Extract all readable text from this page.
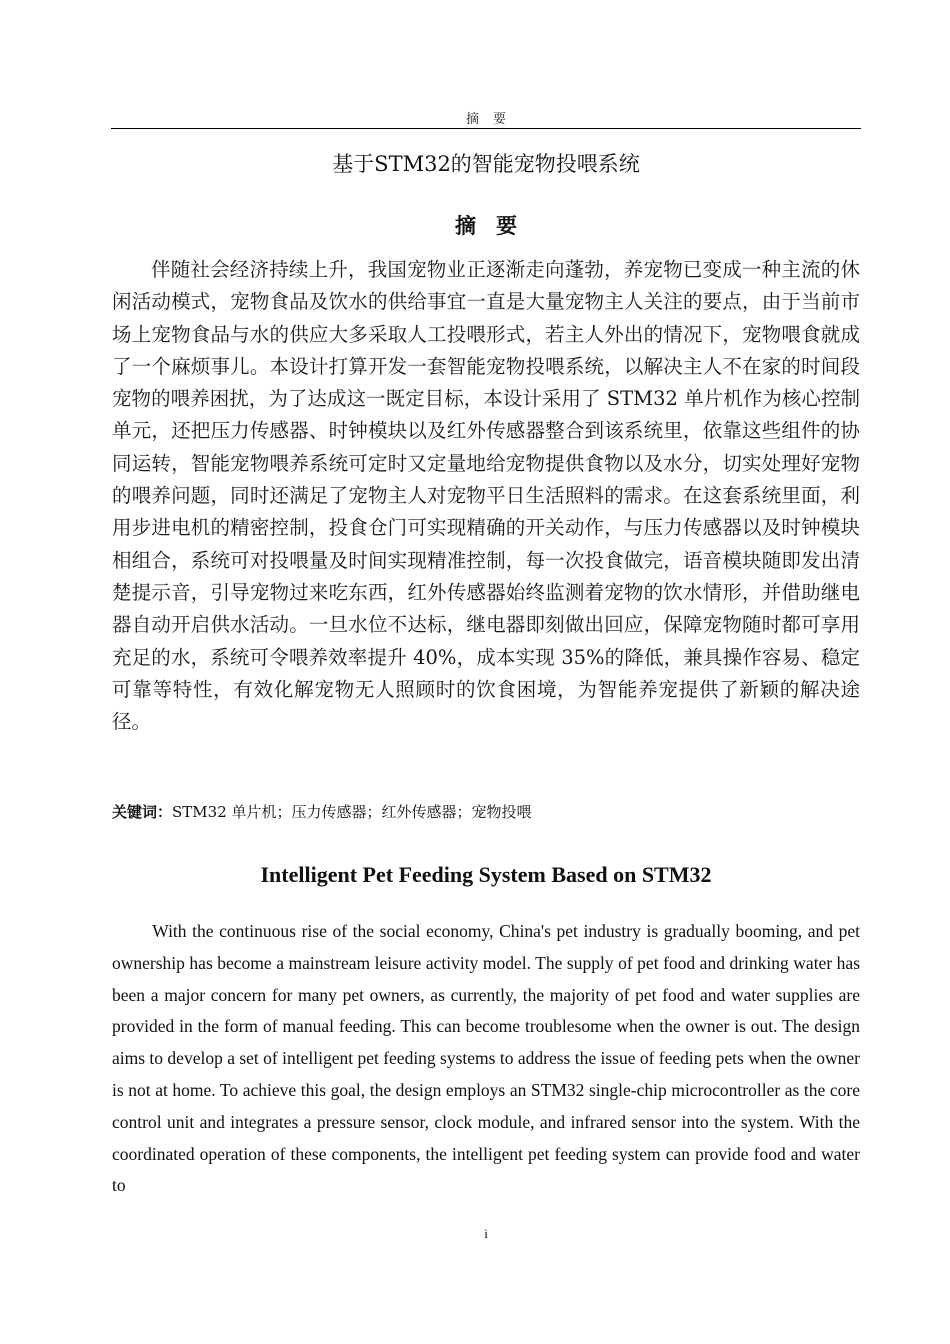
摘要
基于STM32的智能宠物投喂系统
摘要

伴随社会经济持续上升，我国宠物业正逐渐走向蓬勃，养宠物已变成一种主流的休闲活动模式，宠物食品及饮水的供给事宜一直是大量宠物主人关注的要点，由于当前市场上宠物食品与水的供应大多采取人工投喂形式，若主人外出的情况下，宠物喂食就成了一个麻烦事儿。本设计打算开发一套智能宠物投喂系统，以解决主人不在家的时间段宠物的喂养困扰，为了达成这一既定目标，本设计采用了 STM32 单片机作为核心控制单元，还把压力传感器、时钟模块以及红外传感器整合到该系统里，依靠这些组件的协同运转，智能宠物喂养系统可定时又定量地给宠物提供食物以及水分，切实处理好宠物的喂养问题，同时还满足了宠物主人对宠物平日生活照料的需求。在这套系统里面，利用步进电机的精密控制，投食仓门可实现精确的开关动作，与压力传感器以及时钟模块相组合，系统可对投喂量及时间实现精准控制，每一次投食做完，语音模块随即发出清楚提示音，引导宠物过来吃东西，红外传感器始终监测着宠物的饮水情形，并借助继电器自动开启供水活动。一旦水位不达标，继电器即刻做出回应，保障宠物随时都可享用充足的水，系统可令喂养效率提升 40%，成本实现 35%的降低，兼具操作容易、稳定可靠等特性，有效化解宠物无人照顾时的饮食困境，为智能养宠提供了新颖的解决途径。

关键词：STM32 单片机；压力传感器；红外传感器；宠物投喂
Intelligent Pet Feeding System Based on STM32

With the continuous rise of the social economy, China's pet industry is gradually booming, and pet ownership has become a mainstream leisure activity model. The supply of pet food and drinking water has been a major concern for many pet owners, as currently, the majority of pet food and water supplies are provided in the form of manual feeding. This can become troublesome when the owner is out. The design aims to develop a set of intelligent pet feeding systems to address the issue of feeding pets when the owner is not at home. To achieve this goal, the design employs an STM32 single-chip microcontroller as the core control unit and integrates a pressure sensor, clock module, and infrared sensor into the system. With the coordinated operation of these components, the intelligent pet feeding system can provide food and water to

i
